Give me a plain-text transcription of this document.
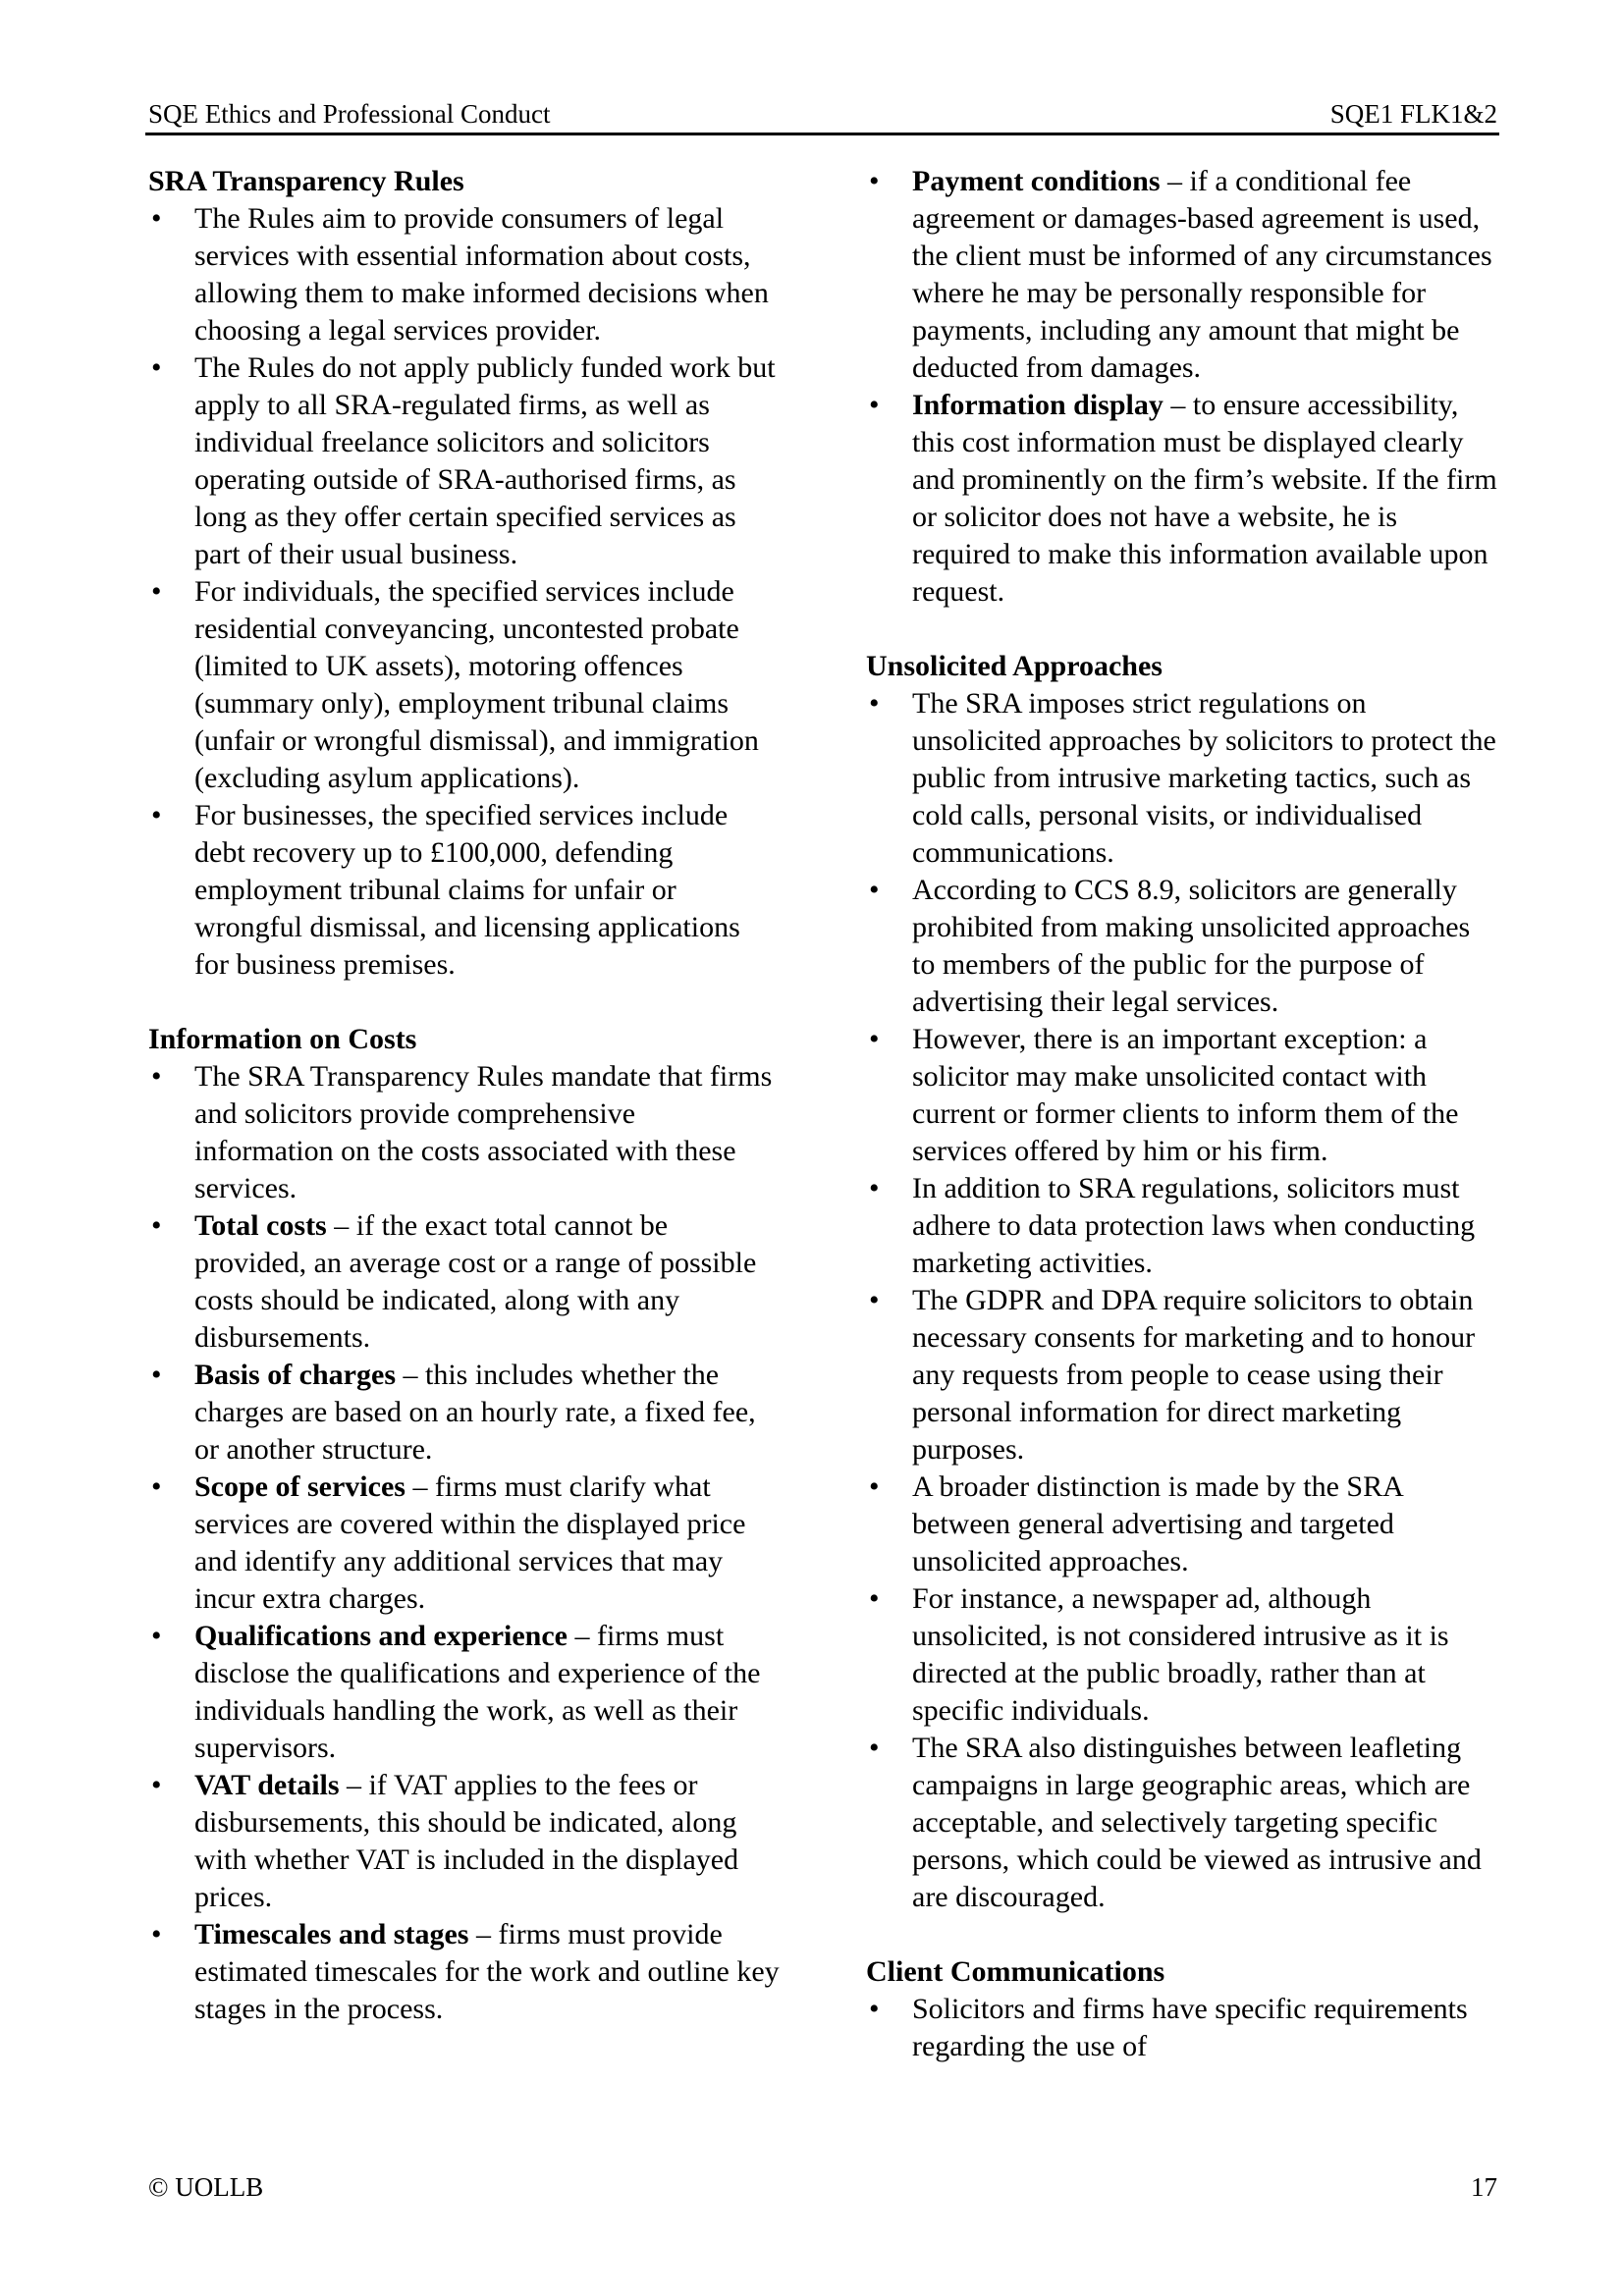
SQE Ethics and Professional Conduct	SQE1 FLK1&2
SRA Transparency Rules
•	The Rules aim to provide consumers of legal services with essential information about costs, allowing them to make informed decisions when choosing a legal services provider.

•	The Rules do not apply publicly funded work but apply to all SRA-regulated firms, as well as individual freelance solicitors and solicitors operating outside of SRA-authorised firms, as long as they offer certain specified services as part of their usual business.

•	For individuals, the specified services include residential conveyancing, uncontested probate (limited to UK assets), motoring offences (summary only), employment tribunal claims (unfair or wrongful dismissal), and immigration (excluding asylum applications).

•	For businesses, the specified services include debt recovery up to £100,000, defending employment tribunal claims for unfair or wrongful dismissal, and licensing applications for business premises.

Information on Costs
•	The SRA Transparency Rules mandate that firms and solicitors provide comprehensive information on the costs associated with these services.

•	Total costs – if the exact total cannot be provided, an average cost or a range of possible costs should be indicated, along with any disbursements.

•	Basis of charges – this includes whether the charges are based on an hourly rate, a fixed fee, or another structure.

•	Scope of services – firms must clarify what services are covered within the displayed price and identify any additional services that may incur extra charges.

•	Qualifications and experience – firms must disclose the qualifications and experience of the individuals handling the work, as well as their supervisors.

•	VAT details – if VAT applies to the fees or disbursements, this should be indicated, along with whether VAT is included in the displayed prices.

•	Timescales and stages – firms must provide estimated timescales for the work and outline key stages in the process.

•	Payment conditions – if a conditional fee agreement or damages-based agreement is used, the client must be informed of any circumstances where he may be personally responsible for payments, including any amount that might be deducted from damages.

•	Information display – to ensure accessibility, this cost information must be displayed clearly and prominently on the firm’s website. If the firm or solicitor does not have a website, he is required to make this information available upon request.

Unsolicited Approaches
•	The SRA imposes strict regulations on unsolicited approaches by solicitors to protect the public from intrusive marketing tactics, such as cold calls, personal visits, or individualised communications.

•	According to CCS 8.9, solicitors are generally prohibited from making unsolicited approaches to members of the public for the purpose of advertising their legal services.

•	However, there is an important exception: a solicitor may make unsolicited contact with current or former clients to inform them of the services offered by him or his firm.

•	In addition to SRA regulations, solicitors must adhere to data protection laws when conducting marketing activities.

•	The GDPR and DPA require solicitors to obtain necessary consents for marketing and to honour any requests from people to cease using their personal information for direct marketing purposes.

•	A broader distinction is made by the SRA between general advertising and targeted unsolicited approaches.

•	For instance, a newspaper ad, although unsolicited, is not considered intrusive as it is directed at the public broadly, rather than at specific individuals.

•	The SRA also distinguishes between leafleting campaigns in large geographic areas, which are acceptable, and selectively targeting specific persons, which could be viewed as intrusive and are discouraged.

Client Communications
•	Solicitors and firms have specific requirements regarding the use of

© UOLLB	17
